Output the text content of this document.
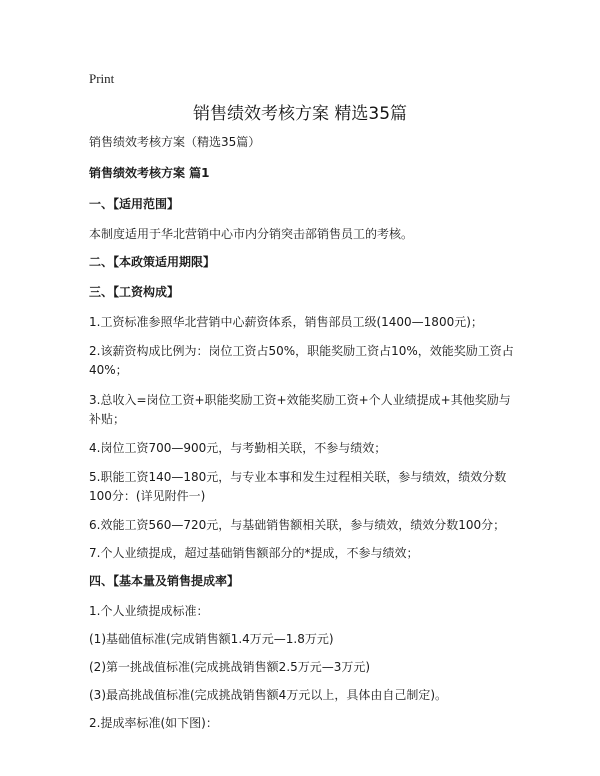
Print
销售绩效考核方案 精选35篇

销售绩效考核方案（精选35篇）

销售绩效考核方案 篇1

一、【适用范围】

本制度适用于华北营销中心市内分销突击部销售员工的考核。

二、【本政策适用期限】

三、【工资构成】

1.工资标准参照华北营销中心薪资体系，销售部员工级(1400—1800元)；

2.该薪资构成比例为：岗位工资占50%，职能奖励工资占10%，效能奖励工资占40%；

3.总收入=岗位工资+职能奖励工资+效能奖励工资+个人业绩提成+其他奖励与补贴；

4.岗位工资700—900元，与考勤相关联，不参与绩效；

5.职能工资140—180元，与专业本事和发生过程相关联，参与绩效，绩效分数100分：(详见附件一)

6.效能工资560—720元，与基础销售额相关联，参与绩效，绩效分数100分；

7.个人业绩提成，超过基础销售额部分的*提成，不参与绩效；

四、【基本量及销售提成率】

1.个人业绩提成标准：

(1)基础值标准(完成销售额1.4万元—1.8万元)

(2)第一挑战值标准(完成挑战销售额2.5万元—3万元)

(3)最高挑战值标准(完成挑战销售额4万元以上，具体由自己制定)。

2.提成率标准(如下图)：
